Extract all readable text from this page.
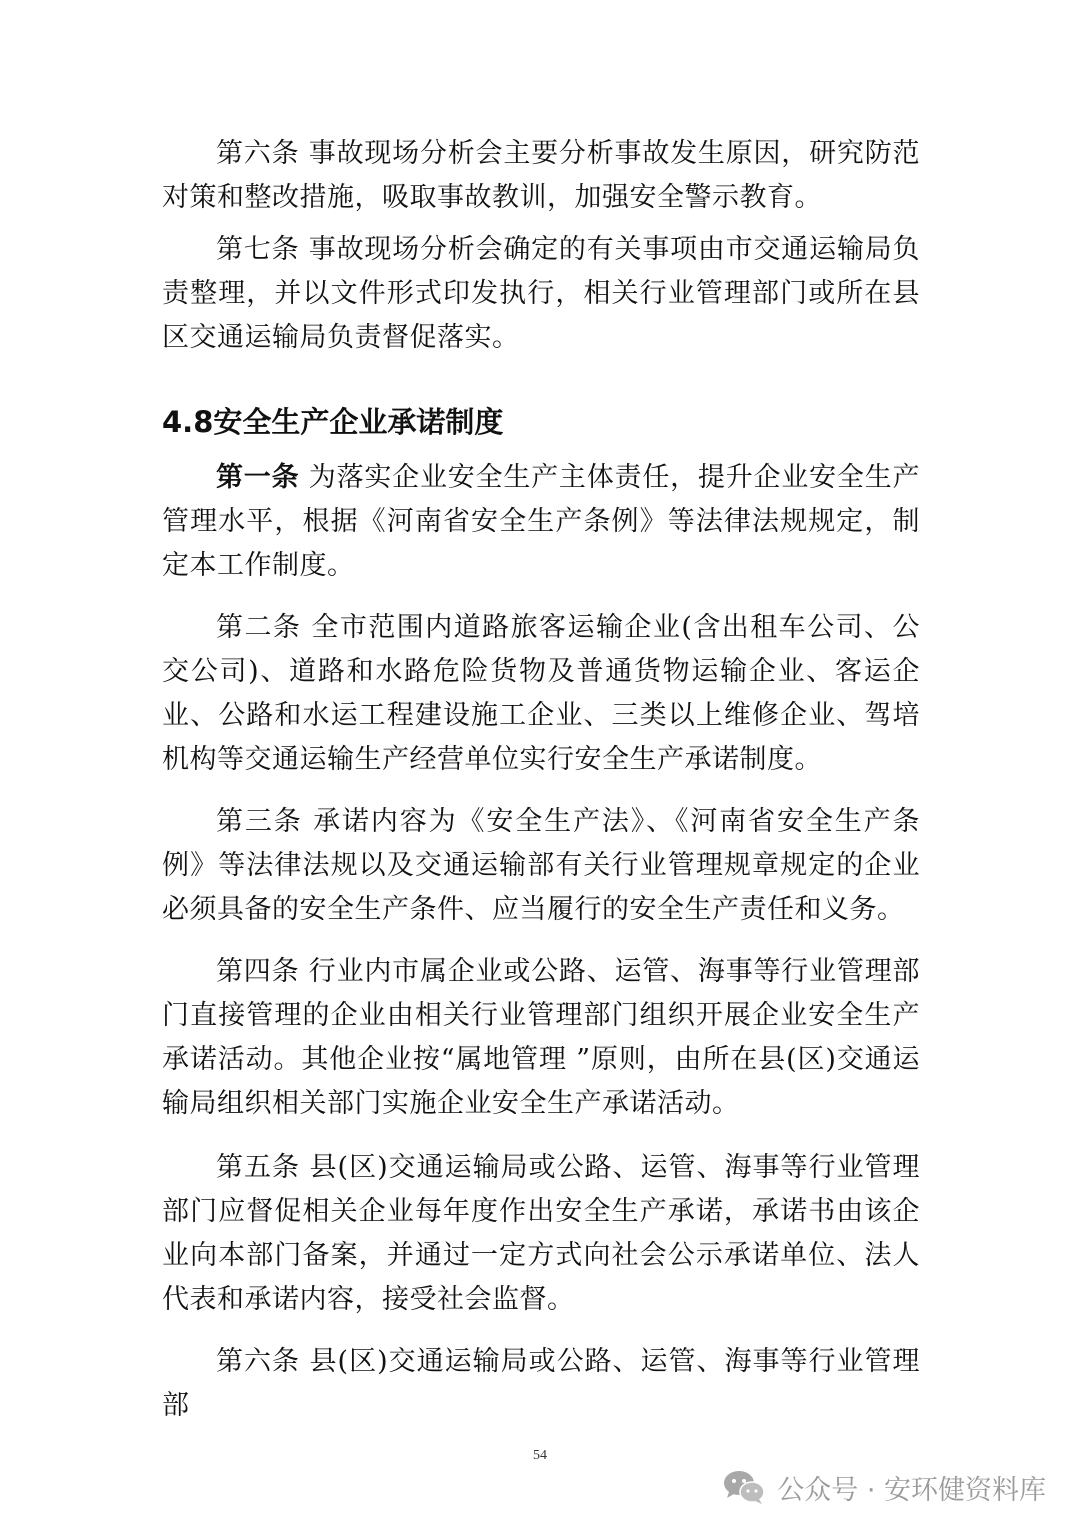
第六条 事故现场分析会主要分析事故发生原因，研究防范对策和整改措施，吸取事故教训，加强安全警示教育。

第七条 事故现场分析会确定的有关事项由市交通运输局负责整理，并以文件形式印发执行，相关行业管理部门或所在县区交通运输局负责督促落实。

4.8安全生产企业承诺制度

第一条 为落实企业安全生产主体责任，提升企业安全生产管理水平，根据《河南省安全生产条例》等法律法规规定，制定本工作制度。

第二条 全市范围内道路旅客运输企业(含出租车公司、公交公司)、道路和水路危险货物及普通货物运输企业、客运企业、公路和水运工程建设施工企业、三类以上维修企业、驾培机构等交通运输生产经营单位实行安全生产承诺制度。

第三条 承诺内容为《安全生产法》、《河南省安全生产条例》等法律法规以及交通运输部有关行业管理规章规定的企业必须具备的安全生产条件、应当履行的安全生产责任和义务。

第四条 行业内市属企业或公路、运管、海事等行业管理部门直接管理的企业由相关行业管理部门组织开展企业安全生产承诺活动。其他企业按“属地管理 ”原则，由所在县(区)交通运输局组织相关部门实施企业安全生产承诺活动。

第五条 县(区)交通运输局或公路、运管、海事等行业管理部门应督促相关企业每年度作出安全生产承诺，承诺书由该企业向本部门备案，并通过一定方式向社会公示承诺单位、法人代表和承诺内容，接受社会监督。

第六条 县(区)交通运输局或公路、运管、海事等行业管理部

54
公众号 · 安环健资料库
